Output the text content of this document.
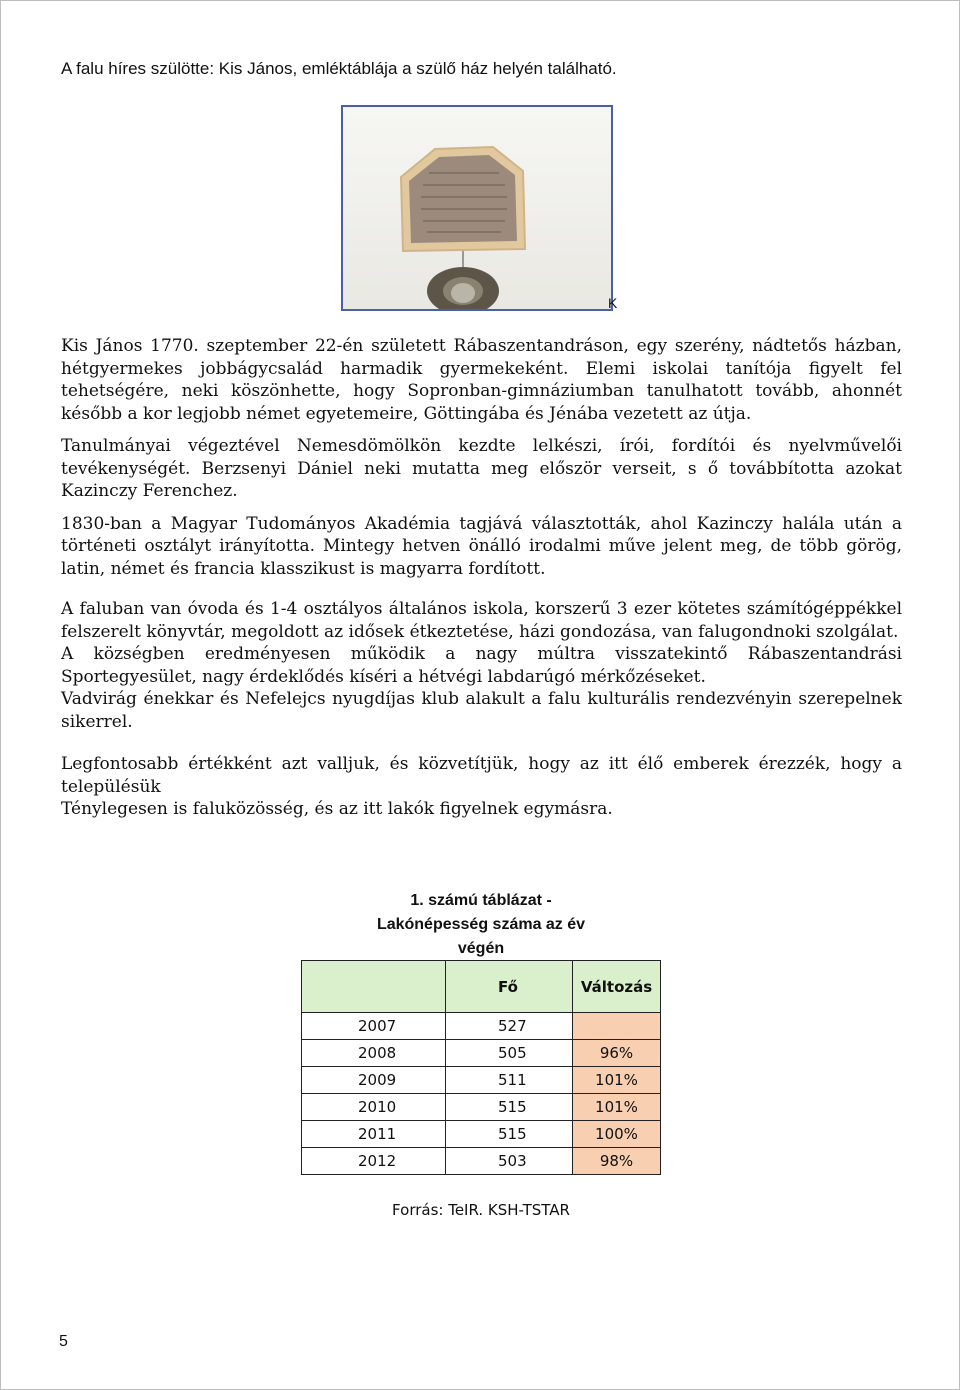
A falu híres szülötte: Kis János, emléktáblája a szülő ház helyén található.
K

Kis János 1770. szeptember 22-én született Rábaszentandráson, egy szerény, nádtetős házban, hétgyermekes jobbágycsalád harmadik gyermekeként. Elemi iskolai tanítója figyelt fel tehetségére, neki köszönhette, hogy Sopronban-gimnáziumban tanulhatott tovább, ahonnét később a kor legjobb német egyetemeire, Göttingába és Jénába vezetett az útja.

Tanulmányai végeztével Nemesdömölkön kezdte lelkészi, írói, fordítói és nyelvművelői tevékenységét. Berzsenyi Dániel neki mutatta meg először verseit, s ő továbbította azokat Kazinczy Ferenchez.

1830-ban a Magyar Tudományos Akadémia tagjává választották, ahol Kazinczy halála után a történeti osztályt irányította. Mintegy hetven önálló irodalmi műve jelent meg, de több görög, latin, német és francia klasszikust is magyarra fordított.

A faluban van óvoda és 1-4 osztályos általános iskola, korszerű 3 ezer kötetes számítógéppékkel felszerelt könyvtár, megoldott az idősek étkeztetése, házi gondozása, van falugondnoki szolgálat.

A községben eredményesen működik a nagy múltra visszatekintő Rábaszentandrási Sportegyesület, nagy érdeklődés kíséri a hétvégi labdarúgó mérkőzéseket.

Vadvirág énekkar és Nefelejcs nyugdíjas klub alakult a falu kulturális rendezvényin szerepelnek sikerrel.

Legfontosabb értékként azt valljuk, és közvetítjük, hogy az itt élő emberek érezzék, hogy a településük

Ténylegesen is faluközösség, és az itt lakók figyelnek egymásra.

1. számú táblázat -
Lakónépesség száma az év
végén
	Fő	Változás
2007	527	
2008	505	96%
2009	511	101%
2010	515	101%
2011	515	100%
2012	503	98%
Forrás: TeIR. KSH-TSTAR
5
